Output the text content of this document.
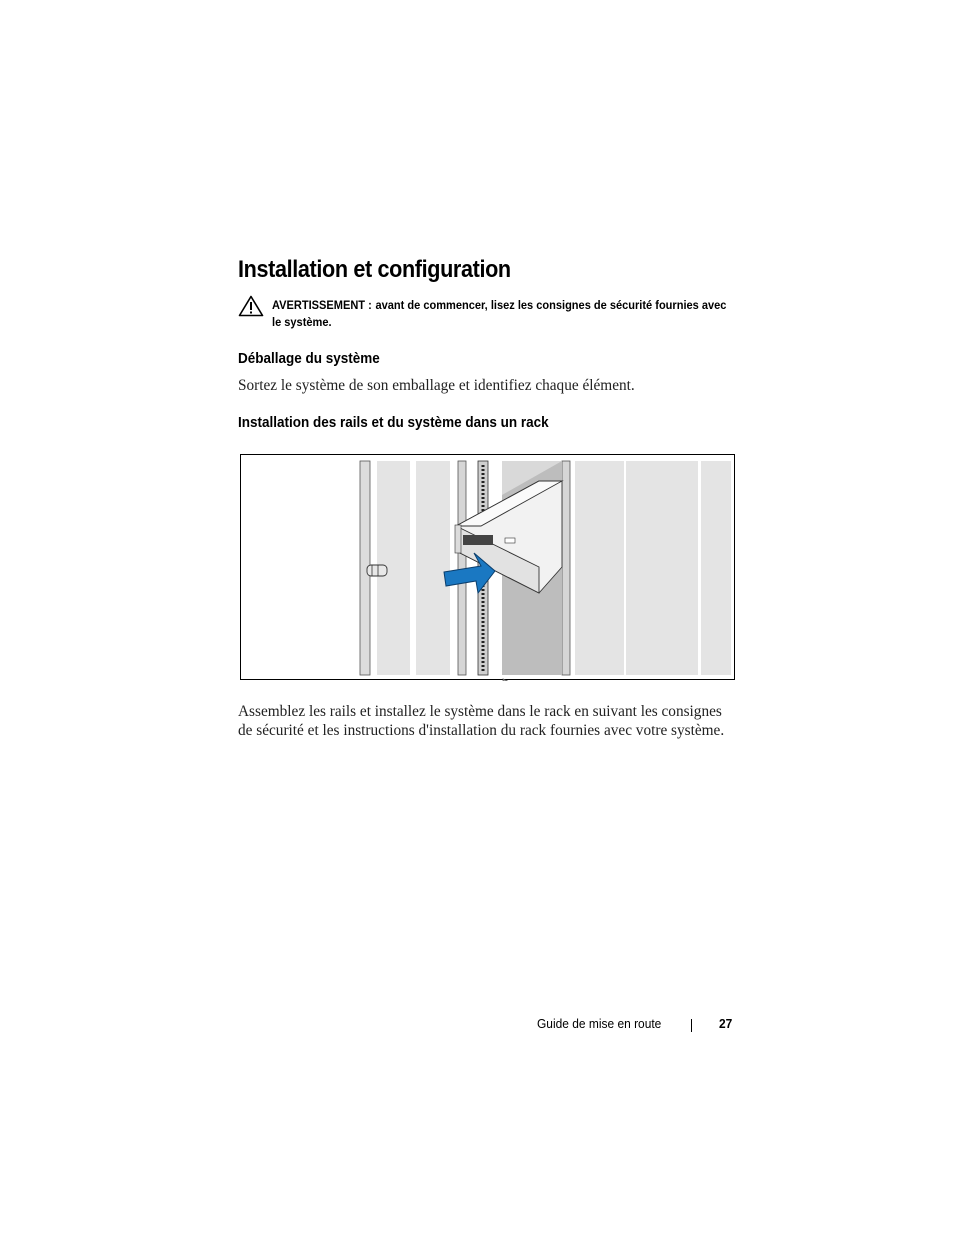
Installation et configuration
AVERTISSEMENT : avant de commencer, lisez les consignes de sécurité fournies avec le système.
Déballage du système
Sortez le système de son emballage et identifiez chaque élément.
Installation des rails et du système dans un rack
Assemblez les rails et installez le système dans le rack en suivant les consignes de sécurité et les instructions d'installation du rack fournies avec votre système.
Guide de mise en route	27
